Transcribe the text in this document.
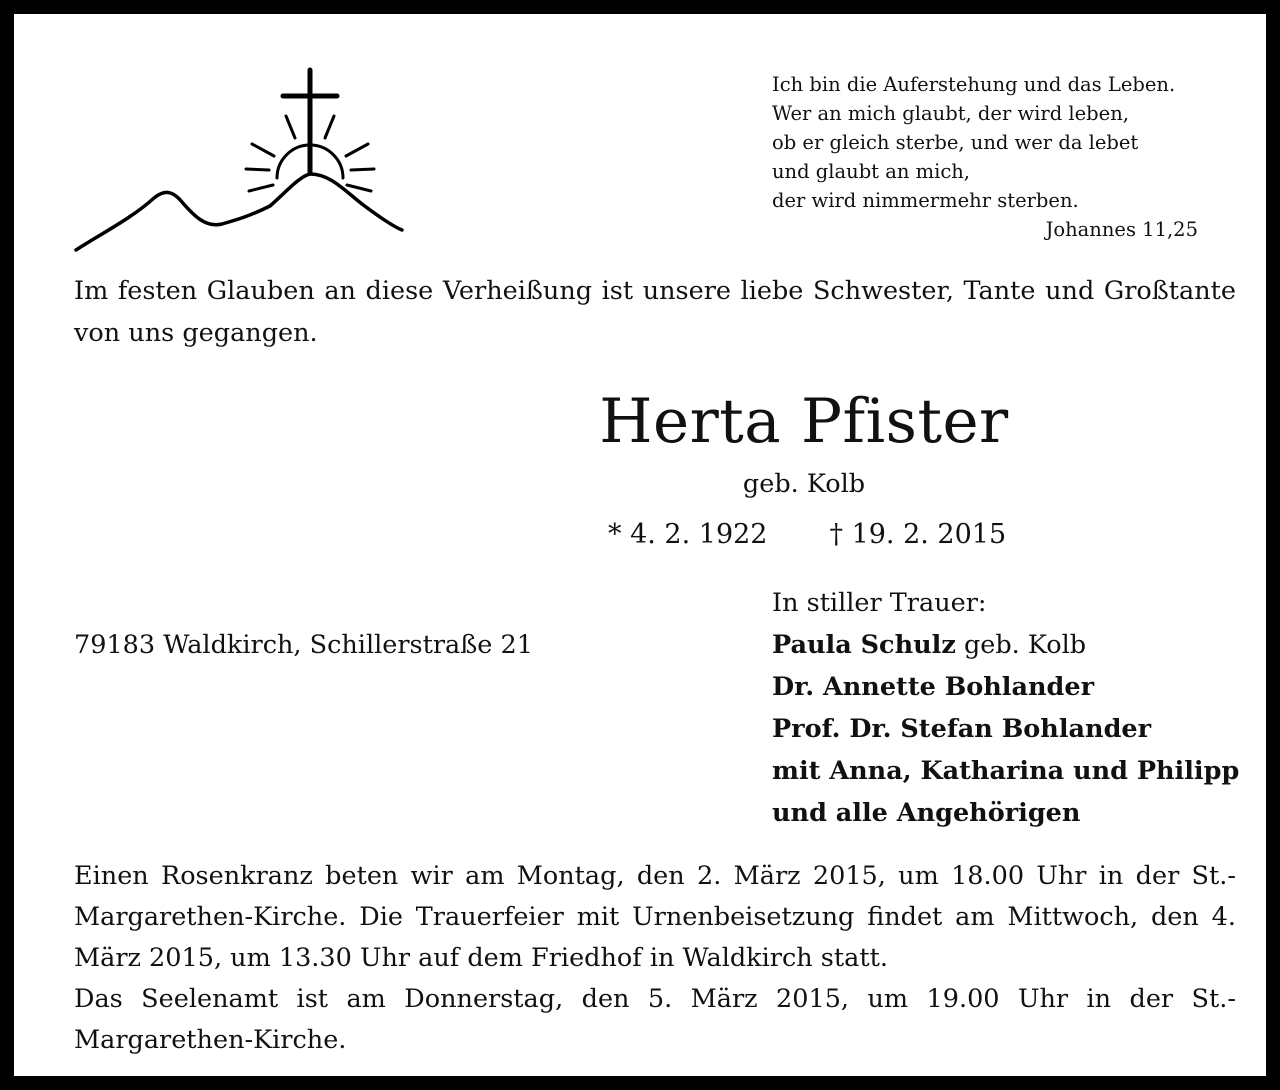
Ich bin die Auferstehung und das Leben.
Wer an mich glaubt, der wird leben,
ob er gleich sterbe, und wer da lebet
und glaubt an mich,
der wird nimmermehr sterben.
Johannes 11,25
Im festen Glauben an diese Verheißung ist unsere liebe Schwester, Tante und Großtante von uns gegangen.
Herta Pfister
geb. Kolb
* 4. 2. 1922 † 19. 2. 2015
79183 Waldkirch, Schillerstraße 21
In stiller Trauer:
Paula Schulz geb. Kolb
Dr. Annette Bohlander
Prof. Dr. Stefan Bohlander
mit Anna, Katharina und Philipp
und alle Angehörigen

Einen Rosenkranz beten wir am Montag, den 2. März 2015, um 18.00 Uhr in der St.-Margarethen-Kirche. Die Trauerfeier mit Urnenbeisetzung findet am Mittwoch, den 4. März 2015, um 13.30 Uhr auf dem Friedhof in Waldkirch statt.

Das Seelenamt ist am Donnerstag, den 5. März 2015, um 19.00 Uhr in der St.-Margarethen-Kirche.
